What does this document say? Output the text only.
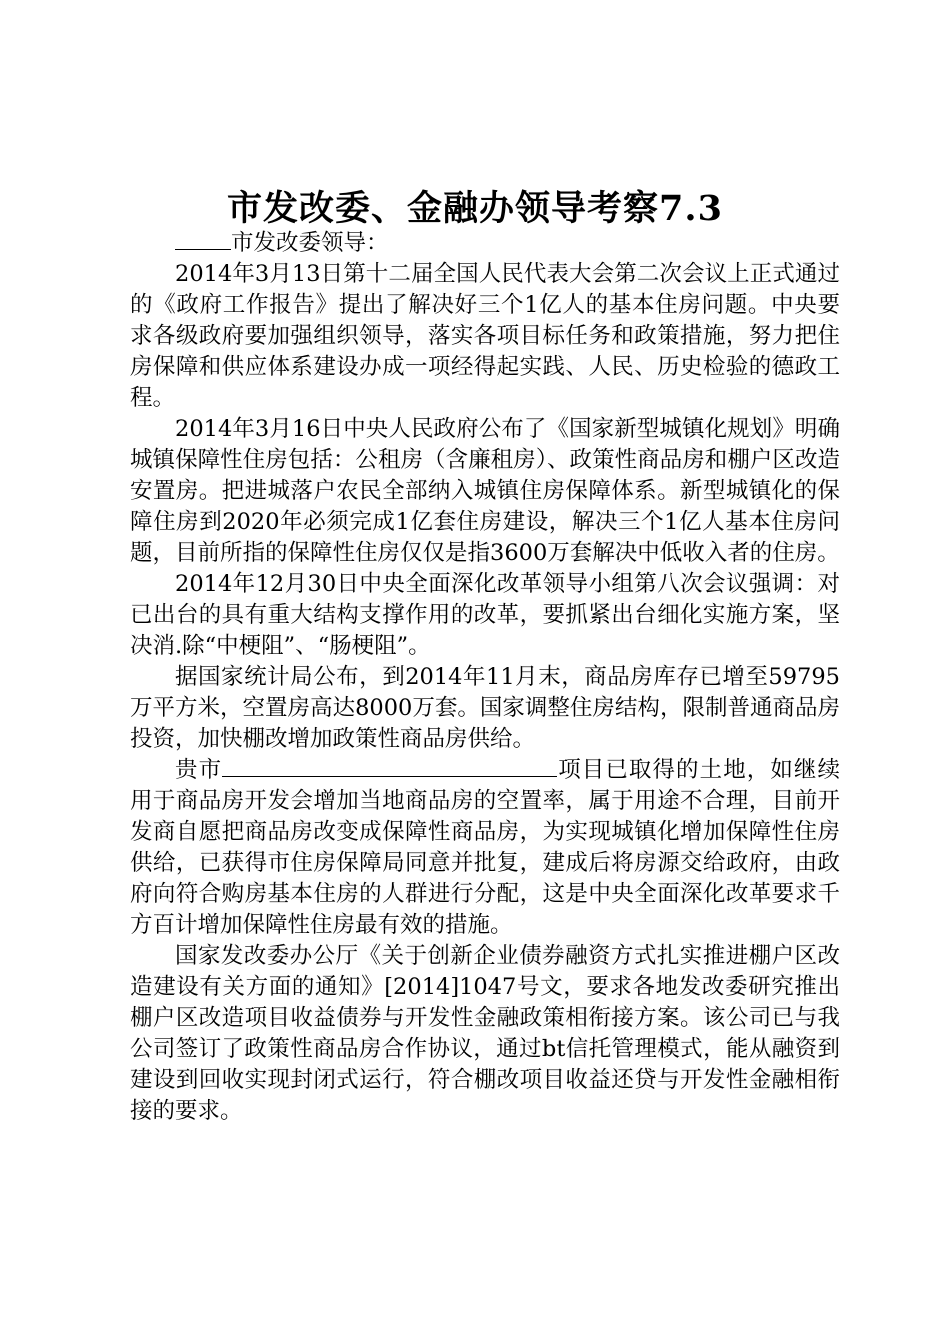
市发改委、金融办领导考察7.3

市发改委领导：

2014年3月13日第十二届全国人民代表大会第二次会议上正式通过的《政府工作报告》提出了解决好三个1亿人的基本住房问题。中央要求各级政府要加强组织领导，落实各项目标任务和政策措施，努力把住房保障和供应体系建设办成一项经得起实践、人民、历史检验的德政工程。

2014年3月16日中央人民政府公布了《国家新型城镇化规划》明确城镇保障性住房包括：公租房（含廉租房）、政策性商品房和棚户区改造安置房。把进城落户农民全部纳入城镇住房保障体系。新型城镇化的保障住房到2020年必须完成1亿套住房建设，解决三个1亿人基本住房问题，目前所指的保障性住房仅仅是指3600万套解决中低收入者的住房。

2014年12月30日中央全面深化改革领导小组第八次会议强调：对已出台的具有重大结构支撑作用的改革，要抓紧出台细化实施方案，坚决消.除“中梗阻”、“肠梗阻”。

据国家统计局公布，到2014年11月末，商品房库存已增至59795万平方米，空置房高达8000万套。国家调整住房结构，限制普通商品房投资，加快棚改增加政策性商品房供给。

贵市	项目已取得的土地，如继续用于商品房开发会增加当地商品房的空置率，属于用途不合理，目前开发商自愿把商品房改变成保障性商品房，为实现城镇化增加保障性住房供给，已获得市住房保障局同意并批复，建成后将房源交给政府，由政府向符合购房基本住房的人群进行分配，这是中央全面深化改革要求千方百计增加保障性住房最有效的措施。

国家发改委办公厅《关于创新企业债券融资方式扎实推进棚户区改造建设有关方面的通知》[2014]1047号文，要求各地发改委研究推出棚户区改造项目收益债券与开发性金融政策相衔接方案。该公司已与我公司签订了政策性商品房合作协议，通过bt信托管理模式，能从融资到建设到回收实现封闭式运行，符合棚改项目收益还贷与开发性金融相衔接的要求。
